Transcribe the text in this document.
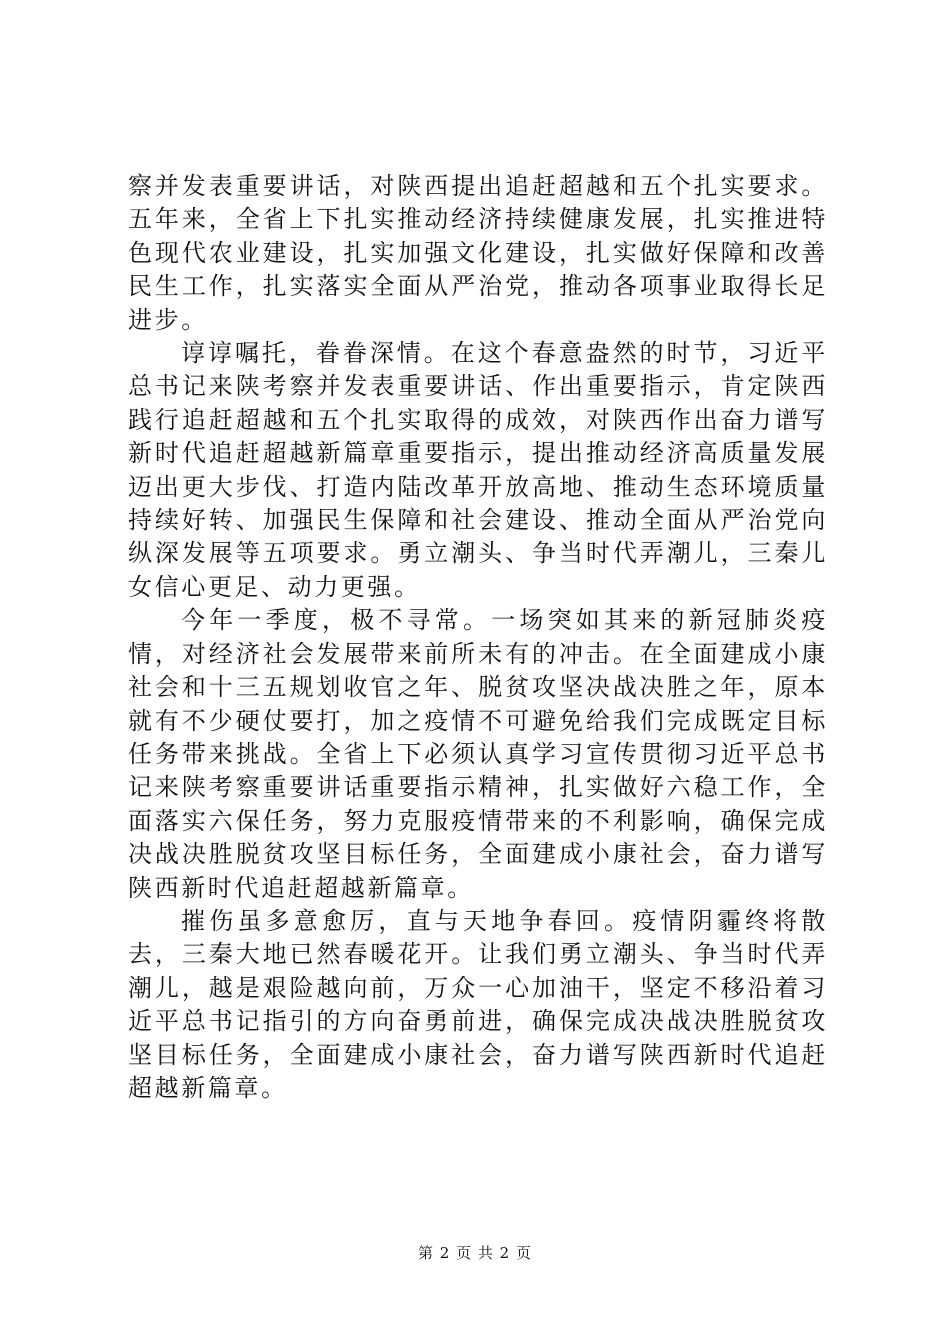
察并发表重要讲话，对陕西提出追赶超越和五个扎实要求。五年来，全省上下扎实推动经济持续健康发展，扎实推进特色现代农业建设，扎实加强文化建设，扎实做好保障和改善民生工作，扎实落实全面从严治党，推动各项事业取得长足进步。

谆谆嘱托，眷眷深情。在这个春意盎然的时节，习近平总书记来陕考察并发表重要讲话、作出重要指示，肯定陕西践行追赶超越和五个扎实取得的成效，对陕西作出奋力谱写新时代追赶超越新篇章重要指示，提出推动经济高质量发展迈出更大步伐、打造内陆改革开放高地、推动生态环境质量持续好转、加强民生保障和社会建设、推动全面从严治党向纵深发展等五项要求。勇立潮头、争当时代弄潮儿，三秦儿女信心更足、动力更强。

今年一季度，极不寻常。一场突如其来的新冠肺炎疫情，对经济社会发展带来前所未有的冲击。在全面建成小康社会和十三五规划收官之年、脱贫攻坚决战决胜之年，原本就有不少硬仗要打，加之疫情不可避免给我们完成既定目标任务带来挑战。全省上下必须认真学习宣传贯彻习近平总书记来陕考察重要讲话重要指示精神，扎实做好六稳工作，全面落实六保任务，努力克服疫情带来的不利影响，确保完成决战决胜脱贫攻坚目标任务，全面建成小康社会，奋力谱写陕西新时代追赶超越新篇章。

摧伤虽多意愈厉，直与天地争春回。疫情阴霾终将散去，三秦大地已然春暖花开。让我们勇立潮头、争当时代弄潮儿，越是艰险越向前，万众一心加油干，坚定不移沿着习近平总书记指引的方向奋勇前进，确保完成决战决胜脱贫攻坚目标任务，全面建成小康社会，奋力谱写陕西新时代追赶超越新篇章。

第 2 页 共 2 页
